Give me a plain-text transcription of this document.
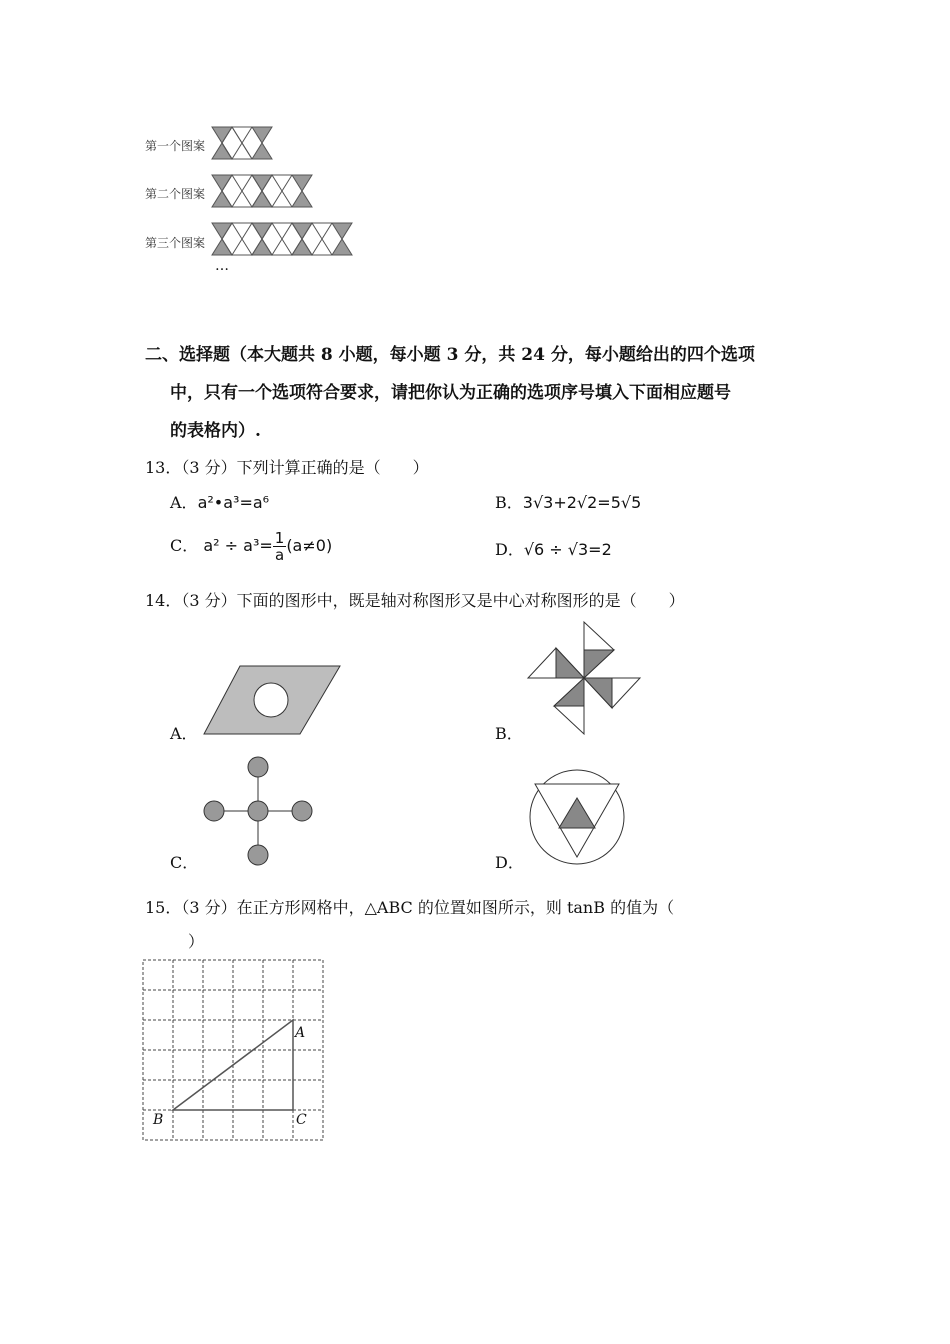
第一个图案
第二个图案
第三个图案
…
二、选择题（本大题共 8 小题，每小题 3 分，共 24 分，每小题给出的四个选项
中，只有一个选项符合要求，请把你认为正确的选项序号填入下面相应题号
的表格内）.
13．（3 分）下列计算正确的是（　　）
A．a²•a³=a⁶	B．3√3+2√2=5√5
C． $a^2 \div a^3= \frac{1}{a} (a\ne 0)$	D．√6 ÷ √3=2
14．（3 分）下面的图形中，既是轴对称图形又是中心对称图形的是（　　）
A．	B．
C．	D．
15．（3 分）在正方形网格中，△ABC 的位置如图所示，则 tanB 的值为（
）
A
B	C
